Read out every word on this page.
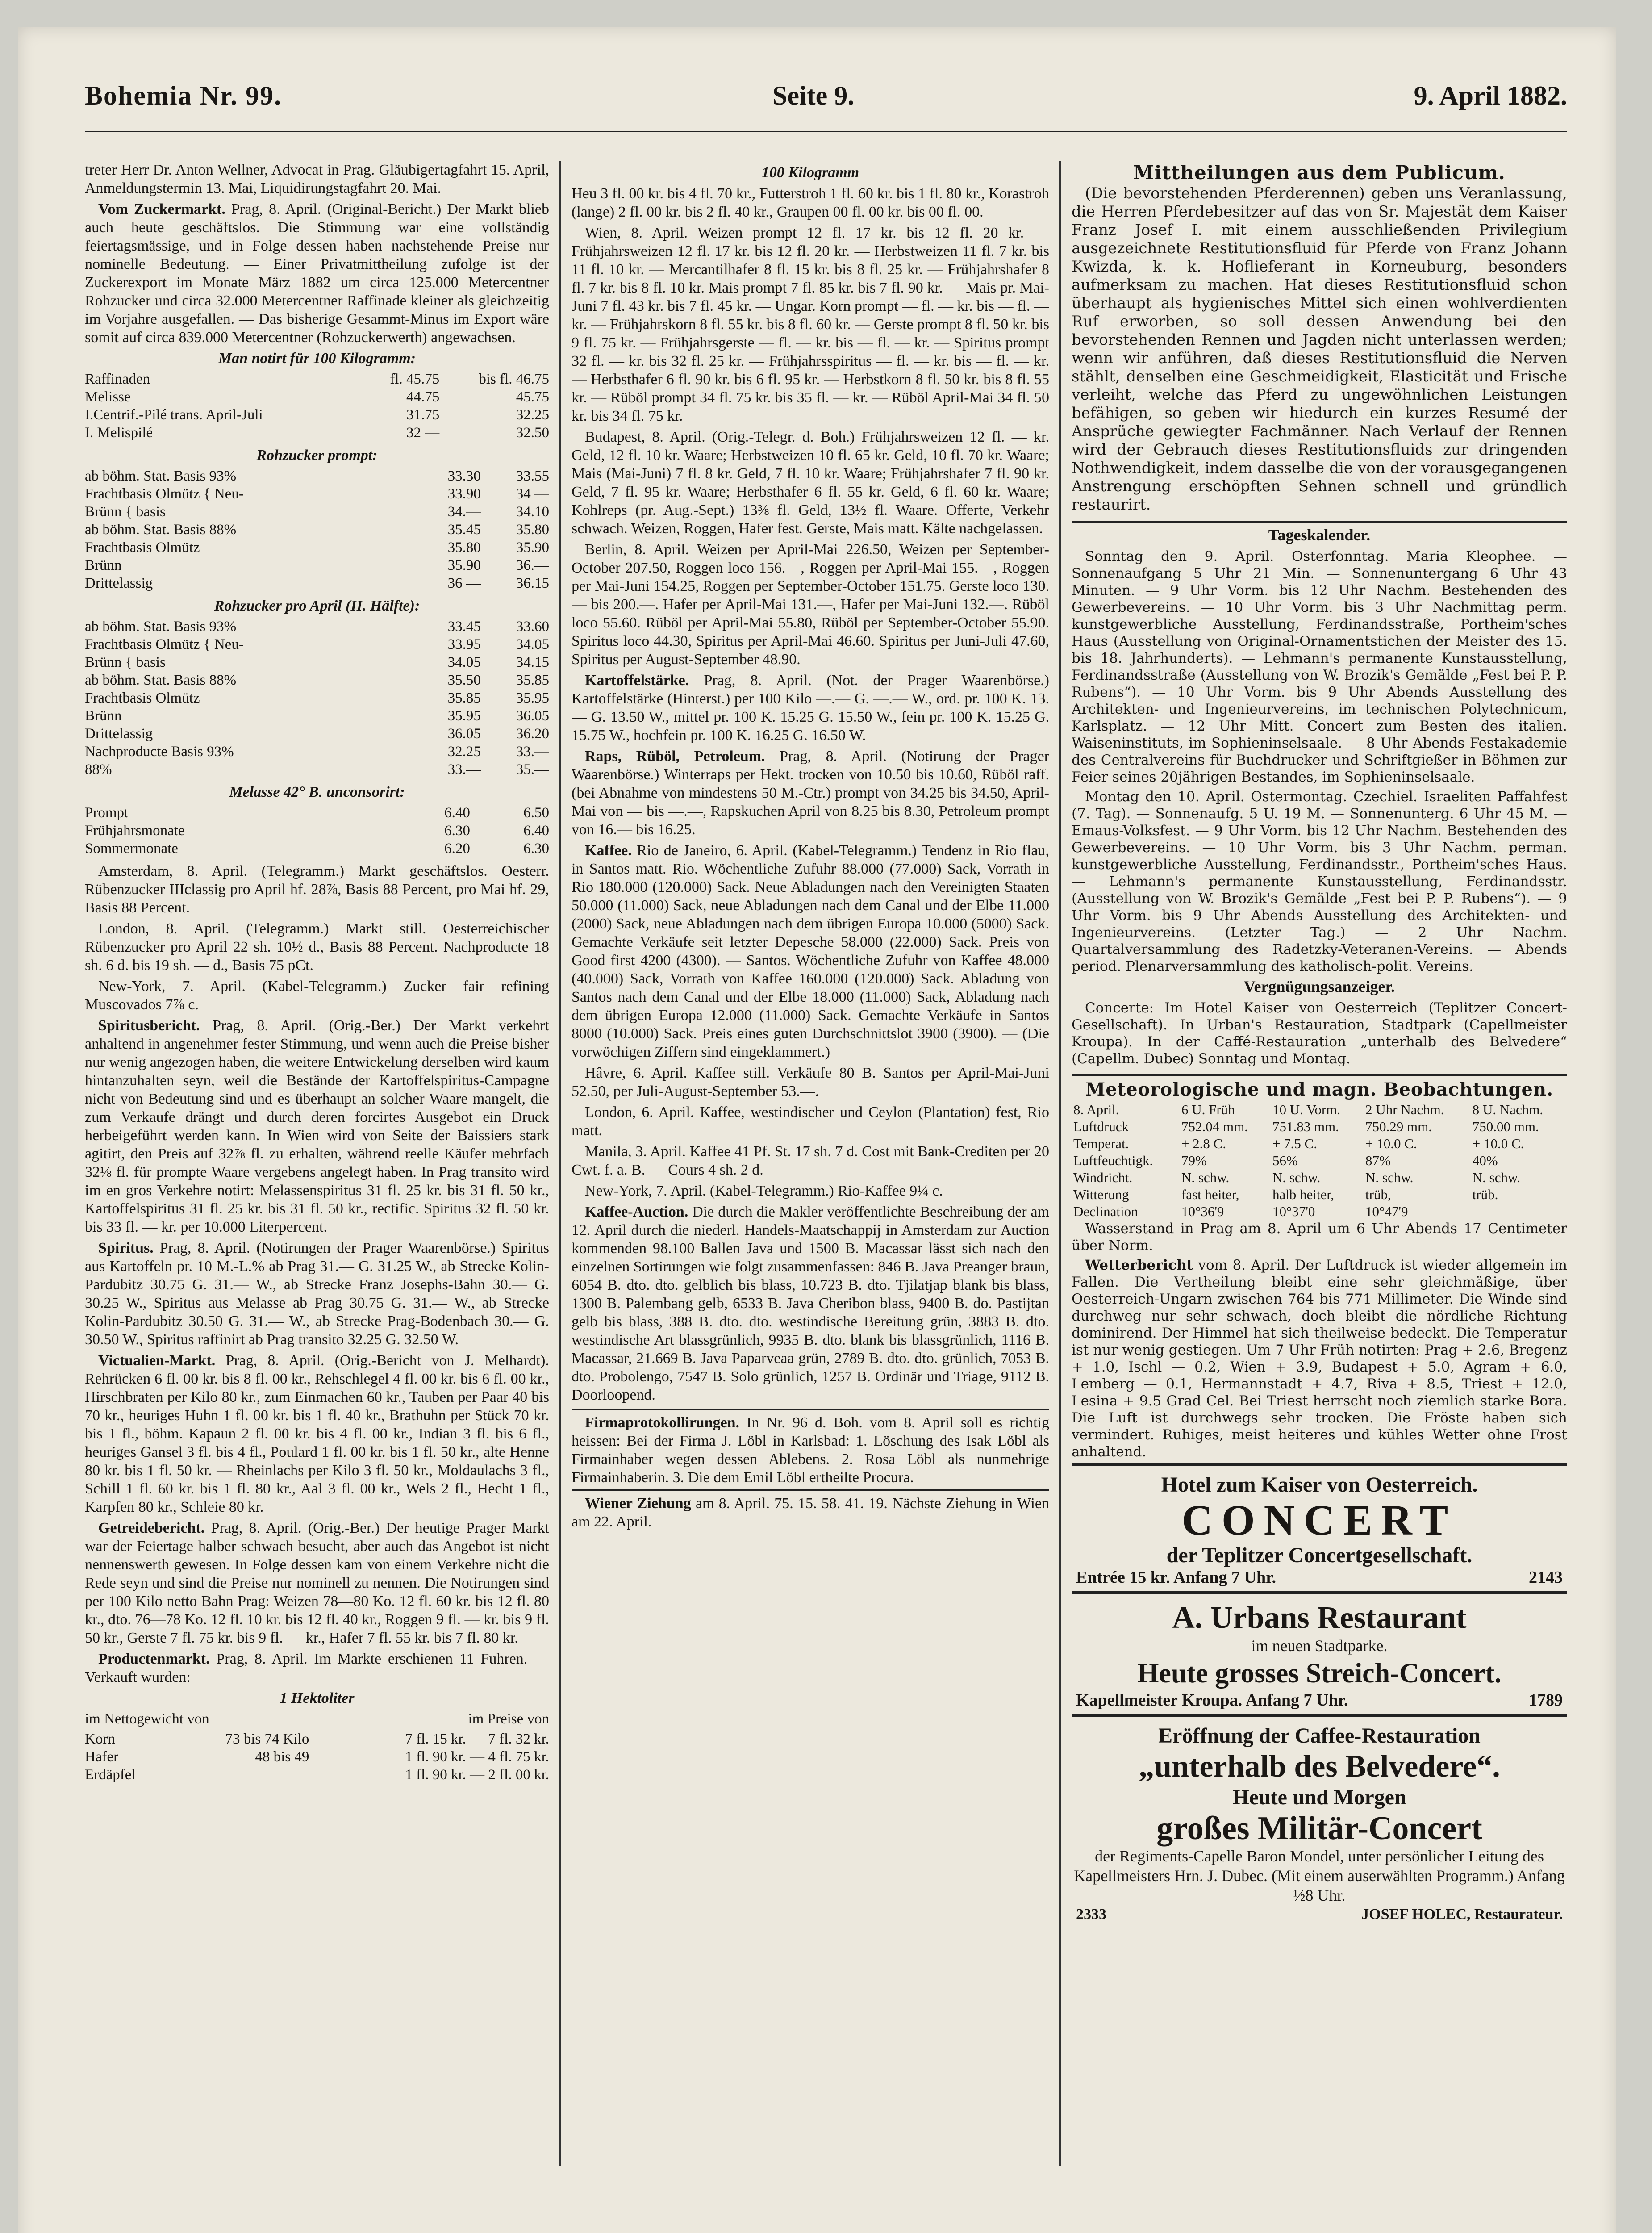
Bohemia Nr. 99.	Seite 9.	9. April 1882.

treter Herr Dr. Anton Wellner, Advocat in Prag. Gläubigertagfahrt 15. April, Anmeldungstermin 13. Mai, Liquidirungstagfahrt 20. Mai.

Vom Zuckermarkt. Prag, 8. April. (Original-Bericht.) Der Markt blieb auch heute geschäftslos. Die Stimmung war eine vollständig feiertagsmässige, und in Folge dessen haben nachstehende Preise nur nominelle Bedeutung. — Einer Privatmittheilung zufolge ist der Zuckerexport im Monate März 1882 um circa 125.000 Metercentner Rohzucker und circa 32.000 Metercentner Raffinade kleiner als gleichzeitig im Vorjahre ausgefallen. — Das bisherige Gesammt-Minus im Export wäre somit auf circa 839.000 Metercentner (Rohzuckerwerth) angewachsen.

Man notirt für 100 Kilogramm:
Raffinaden	fl. 45.75	bis fl. 46.75
Melisse	44.75	45.75
I.Centrif.-Pilé trans. April-Juli	31.75	32.25
I. Melispilé	32 —	32.50
Rohzucker prompt:
ab böhm. Stat. Basis 93%	33.30	33.55
Frachtbasis Olmütz { Neu-	33.90	34 —
Brünn { basis	34.—	34.10
ab böhm. Stat. Basis 88%	35.45	35.80
Frachtbasis Olmütz	35.80	35.90
Brünn	35.90	36.—
Drittelassig	36 —	36.15
Rohzucker pro April (II. Hälfte):
ab böhm. Stat. Basis 93%	33.45	33.60
Frachtbasis Olmütz { Neu-	33.95	34.05
Brünn { basis	34.05	34.15
ab böhm. Stat. Basis 88%	35.50	35.85
Frachtbasis Olmütz	35.85	35.95
Brünn	35.95	36.05
Drittelassig	36.05	36.20
Nachproducte Basis 93%	32.25	33.—
88%	33.—	35.—
Melasse 42° B. unconsorirt:
Prompt	6.40	6.50
Frühjahrsmonate	6.30	6.40
Sommermonate	6.20	6.30

Amsterdam, 8. April. (Telegramm.) Markt geschäftslos. Oesterr. Rübenzucker IIIclassig pro April hf. 28⅞, Basis 88 Percent, pro Mai hf. 29, Basis 88 Percent.

London, 8. April. (Telegramm.) Markt still. Oesterreichischer Rübenzucker pro April 22 sh. 10½ d., Basis 88 Percent. Nachproducte 18 sh. 6 d. bis 19 sh. — d., Basis 75 pCt.

New-York, 7. April. (Kabel-Telegramm.) Zucker fair refining Muscovados 7⅞ c.

Spiritusbericht. Prag, 8. April. (Orig.-Ber.) Der Markt verkehrt anhaltend in angenehmer fester Stimmung, und wenn auch die Preise bisher nur wenig angezogen haben, die weitere Entwickelung derselben wird kaum hintanzuhalten seyn, weil die Bestände der Kartoffelspiritus-Campagne nicht von Bedeutung sind und es überhaupt an solcher Waare mangelt, die zum Verkaufe drängt und durch deren forcirtes Ausgebot ein Druck herbeigeführt werden kann. In Wien wird von Seite der Baissiers stark agitirt, den Preis auf 32⅞ fl. zu erhalten, während reelle Käufer mehrfach 32⅛ fl. für prompte Waare vergebens angelegt haben. In Prag transito wird im en gros Verkehre notirt: Melassenspiritus 31 fl. 25 kr. bis 31 fl. 50 kr., Kartoffelspiritus 31 fl. 25 kr. bis 31 fl. 50 kr., rectific. Spiritus 32 fl. 50 kr. bis 33 fl. — kr. per 10.000 Literpercent.

Spiritus. Prag, 8. April. (Notirungen der Prager Waarenbörse.) Spiritus aus Kartoffeln pr. 10 M.-L.% ab Prag 31.— G. 31.25 W., ab Strecke Kolin-Pardubitz 30.75 G. 31.— W., ab Strecke Franz Josephs-Bahn 30.— G. 30.25 W., Spiritus aus Melasse ab Prag 30.75 G. 31.— W., ab Strecke Kolin-Pardubitz 30.50 G. 31.— W., ab Strecke Prag-Bodenbach 30.— G. 30.50 W., Spiritus raffinirt ab Prag transito 32.25 G. 32.50 W.

Victualien-Markt. Prag, 8. April. (Orig.-Bericht von J. Melhardt). Rehrücken 6 fl. 00 kr. bis 8 fl. 00 kr., Rehschlegel 4 fl. 00 kr. bis 6 fl. 00 kr., Hirschbraten per Kilo 80 kr., zum Einmachen 60 kr., Tauben per Paar 40 bis 70 kr., heuriges Huhn 1 fl. 00 kr. bis 1 fl. 40 kr., Brathuhn per Stück 70 kr. bis 1 fl., böhm. Kapaun 2 fl. 00 kr. bis 4 fl. 00 kr., Indian 3 fl. bis 6 fl., heuriges Gansel 3 fl. bis 4 fl., Poulard 1 fl. 00 kr. bis 1 fl. 50 kr., alte Henne 80 kr. bis 1 fl. 50 kr. — Rheinlachs per Kilo 3 fl. 50 kr., Moldaulachs 3 fl., Schill 1 fl. 60 kr. bis 1 fl. 80 kr., Aal 3 fl. 00 kr., Wels 2 fl., Hecht 1 fl., Karpfen 80 kr., Schleie 80 kr.

Getreidebericht. Prag, 8. April. (Orig.-Ber.) Der heutige Prager Markt war der Feiertage halber schwach besucht, aber auch das Angebot ist nicht nennenswerth gewesen. In Folge dessen kam von einem Verkehre nicht die Rede seyn und sind die Preise nur nominell zu nennen. Die Notirungen sind per 100 Kilo netto Bahn Prag: Weizen 78—80 Ko. 12 fl. 60 kr. bis 12 fl. 80 kr., dto. 76—78 Ko. 12 fl. 10 kr. bis 12 fl. 40 kr., Roggen 9 fl. — kr. bis 9 fl. 50 kr., Gerste 7 fl. 75 kr. bis 9 fl. — kr., Hafer 7 fl. 55 kr. bis 7 fl. 80 kr.

Productenmarkt. Prag, 8. April. Im Markte erschienen 11 Fuhren. — Verkauft wurden:

1 Hektoliter
im Nettogewicht von	im Preise von
Korn	73 bis 74 Kilo	7 fl. 15 kr. — 7 fl. 32 kr.
Hafer	48 bis 49	1 fl. 90 kr. — 4 fl. 75 kr.
Erdäpfel		1 fl. 90 kr. — 2 fl. 00 kr.
100 Kilogramm

Heu 3 fl. 00 kr. bis 4 fl. 70 kr., Futterstroh 1 fl. 60 kr. bis 1 fl. 80 kr., Korastroh (lange) 2 fl. 00 kr. bis 2 fl. 40 kr., Graupen 00 fl. 00 kr. bis 00 fl. 00.

Wien, 8. April. Weizen prompt 12 fl. 17 kr. bis 12 fl. 20 kr. — Frühjahrsweizen 12 fl. 17 kr. bis 12 fl. 20 kr. — Herbstweizen 11 fl. 7 kr. bis 11 fl. 10 kr. — Mercantilhafer 8 fl. 15 kr. bis 8 fl. 25 kr. — Frühjahrshafer 8 fl. 7 kr. bis 8 fl. 10 kr. Mais prompt 7 fl. 85 kr. bis 7 fl. 90 kr. — Mais pr. Mai-Juni 7 fl. 43 kr. bis 7 fl. 45 kr. — Ungar. Korn prompt — fl. — kr. bis — fl. — kr. — Frühjahrskorn 8 fl. 55 kr. bis 8 fl. 60 kr. — Gerste prompt 8 fl. 50 kr. bis 9 fl. 75 kr. — Frühjahrsgerste — fl. — kr. bis — fl. — kr. — Spiritus prompt 32 fl. — kr. bis 32 fl. 25 kr. — Frühjahrsspiritus — fl. — kr. bis — fl. — kr. — Herbsthafer 6 fl. 90 kr. bis 6 fl. 95 kr. — Herbstkorn 8 fl. 50 kr. bis 8 fl. 55 kr. — Rüböl prompt 34 fl. 75 kr. bis 35 fl. — kr. — Rüböl April-Mai 34 fl. 50 kr. bis 34 fl. 75 kr.

Budapest, 8. April. (Orig.-Telegr. d. Boh.) Frühjahrsweizen 12 fl. — kr. Geld, 12 fl. 10 kr. Waare; Herbstweizen 10 fl. 65 kr. Geld, 10 fl. 70 kr. Waare; Mais (Mai-Juni) 7 fl. 8 kr. Geld, 7 fl. 10 kr. Waare; Frühjahrshafer 7 fl. 90 kr. Geld, 7 fl. 95 kr. Waare; Herbsthafer 6 fl. 55 kr. Geld, 6 fl. 60 kr. Waare; Kohlreps (pr. Aug.-Sept.) 13⅜ fl. Geld, 13½ fl. Waare. Offerte, Verkehr schwach. Weizen, Roggen, Hafer fest. Gerste, Mais matt. Kälte nachgelassen.

Berlin, 8. April. Weizen per April-Mai 226.50, Weizen per September-October 207.50, Roggen loco 156.—, Roggen per April-Mai 155.—, Roggen per Mai-Juni 154.25, Roggen per September-October 151.75. Gerste loco 130.— bis 200.—. Hafer per April-Mai 131.—, Hafer per Mai-Juni 132.—. Rüböl loco 55.60. Rüböl per April-Mai 55.80, Rüböl per September-October 55.90. Spiritus loco 44.30, Spiritus per April-Mai 46.60. Spiritus per Juni-Juli 47.60, Spiritus per August-September 48.90.

Kartoffelstärke. Prag, 8. April. (Not. der Prager Waarenbörse.) Kartoffelstärke (Hinterst.) per 100 Kilo —.— G. —.— W., ord. pr. 100 K. 13.— G. 13.50 W., mittel pr. 100 K. 15.25 G. 15.50 W., fein pr. 100 K. 15.25 G. 15.75 W., hochfein pr. 100 K. 16.25 G. 16.50 W.

Raps, Rüböl, Petroleum. Prag, 8. April. (Notirung der Prager Waarenbörse.) Winterraps per Hekt. trocken von 10.50 bis 10.60, Rüböl raff. (bei Abnahme von mindestens 50 M.-Ctr.) prompt von 34.25 bis 34.50, April-Mai von — bis —.—, Rapskuchen April von 8.25 bis 8.30, Petroleum prompt von 16.— bis 16.25.

Kaffee. Rio de Janeiro, 6. April. (Kabel-Telegramm.) Tendenz in Rio flau, in Santos matt. Rio. Wöchentliche Zufuhr 88.000 (77.000) Sack, Vorrath in Rio 180.000 (120.000) Sack. Neue Abladungen nach den Vereinigten Staaten 50.000 (11.000) Sack, neue Abladungen nach dem Canal und der Elbe 11.000 (2000) Sack, neue Abladungen nach dem übrigen Europa 10.000 (5000) Sack. Gemachte Verkäufe seit letzter Depesche 58.000 (22.000) Sack. Preis von Good first 4200 (4300). — Santos. Wöchentliche Zufuhr von Kaffee 48.000 (40.000) Sack, Vorrath von Kaffee 160.000 (120.000) Sack. Abladung von Santos nach dem Canal und der Elbe 18.000 (11.000) Sack, Abladung nach dem übrigen Europa 12.000 (11.000) Sack. Gemachte Verkäufe in Santos 8000 (10.000) Sack. Preis eines guten Durchschnittslot 3900 (3900). — (Die vorwöchigen Ziffern sind eingeklammert.)

Hâvre, 6. April. Kaffee still. Verkäufe 80 B. Santos per April-Mai-Juni 52.50, per Juli-August-September 53.—.

London, 6. April. Kaffee, westindischer und Ceylon (Plantation) fest, Rio matt.

Manila, 3. April. Kaffee 41 Pf. St. 17 sh. 7 d. Cost mit Bank-Crediten per 20 Cwt. f. a. B. — Cours 4 sh. 2 d.

New-York, 7. April. (Kabel-Telegramm.) Rio-Kaffee 9¼ c.

Kaffee-Auction. Die durch die Makler veröffentlichte Beschreibung der am 12. April durch die niederl. Handels-Maatschappij in Amsterdam zur Auction kommenden 98.100 Ballen Java und 1500 B. Macassar lässt sich nach den einzelnen Sortirungen wie folgt zusammenfassen: 846 B. Java Preanger braun, 6054 B. dto. dto. gelblich bis blass, 10.723 B. dto. Tjilatjap blank bis blass, 1300 B. Palembang gelb, 6533 B. Java Cheribon blass, 9400 B. do. Pastijtan gelb bis blass, 388 B. dto. dto. westindische Bereitung grün, 3883 B. dto. westindische Art blassgrünlich, 9935 B. dto. blank bis blassgrünlich, 1116 B. Macassar, 21.669 B. Java Paparveaa grün, 2789 B. dto. dto. grünlich, 7053 B. dto. Probolengo, 7547 B. Solo grünlich, 1257 B. Ordinär und Triage, 9112 B. Doorloopend.

Firmaprotokollirungen. In Nr. 96 d. Boh. vom 8. April soll es richtig heissen: Bei der Firma J. Löbl in Karlsbad: 1. Löschung des Isak Löbl als Firmainhaber wegen dessen Ablebens. 2. Rosa Löbl als nunmehrige Firmainhaberin. 3. Die dem Emil Löbl ertheilte Procura.

Wiener Ziehung am 8. April. 75. 15. 58. 41. 19. Nächste Ziehung in Wien am 22. April.

Mittheilungen aus dem Publicum.

(Die bevorstehenden Pferderennen) geben uns Veranlassung, die Herren Pferdebesitzer auf das von Sr. Majestät dem Kaiser Franz Josef I. mit einem ausschließenden Privilegium ausgezeichnete Restitutionsfluid für Pferde von Franz Johann Kwizda, k. k. Hoflieferant in Korneuburg, besonders aufmerksam zu machen. Hat dieses Restitutionsfluid schon überhaupt als hygienisches Mittel sich einen wohlverdienten Ruf erworben, so soll dessen Anwendung bei den bevorstehenden Rennen und Jagden nicht unterlassen werden; wenn wir anführen, daß dieses Restitutionsfluid die Nerven stählt, denselben eine Geschmeidigkeit, Elasticität und Frische verleiht, welche das Pferd zu ungewöhnlichen Leistungen befähigen, so geben wir hiedurch ein kurzes Resumé der Ansprüche gewiegter Fachmänner. Nach Verlauf der Rennen wird der Gebrauch dieses Restitutionsfluids zur dringenden Nothwendigkeit, indem dasselbe die von der vorausgegangenen Anstrengung erschöpften Sehnen schnell und gründlich restaurirt.

Tageskalender.

Sonntag den 9. April. Osterfonntag. Maria Kleophee. — Sonnenaufgang 5 Uhr 21 Min. — Sonnenuntergang 6 Uhr 43 Minuten. — 9 Uhr Vorm. bis 12 Uhr Nachm. Bestehenden des Gewerbevereins. — 10 Uhr Vorm. bis 3 Uhr Nachmittag perm. kunstgewerbliche Ausstellung, Ferdinandsstraße, Portheim'sches Haus (Ausstellung von Original-Ornamentstichen der Meister des 15. bis 18. Jahrhunderts). — Lehmann's permanente Kunstausstellung, Ferdinandsstraße (Ausstellung von W. Brozik's Gemälde „Fest bei P. P. Rubens“). — 10 Uhr Vorm. bis 9 Uhr Abends Ausstellung des Architekten- und Ingenieurvereins, im technischen Polytechnicum, Karlsplatz. — 12 Uhr Mitt. Concert zum Besten des italien. Waiseninstituts, im Sophieninselsaale. — 8 Uhr Abends Festakademie des Centralvereins für Buchdrucker und Schriftgießer in Böhmen zur Feier seines 20jährigen Bestandes, im Sophieninselsaale.

Montag den 10. April. Ostermontag. Czechiel. Israeliten Paffahfest (7. Tag). — Sonnenaufg. 5 U. 19 M. — Sonnenunterg. 6 Uhr 45 M. — Emaus-Volksfest. — 9 Uhr Vorm. bis 12 Uhr Nachm. Bestehenden des Gewerbevereins. — 10 Uhr Vorm. bis 3 Uhr Nachm. perman. kunstgewerbliche Ausstellung, Ferdinandsstr., Portheim'sches Haus. — Lehmann's permanente Kunstausstellung, Ferdinandsstr. (Ausstellung von W. Brozik's Gemälde „Fest bei P. P. Rubens“). — 9 Uhr Vorm. bis 9 Uhr Abends Ausstellung des Architekten- und Ingenieurvereins. (Letzter Tag.) — 2 Uhr Nachm. Quartalversammlung des Radetzky-Veteranen-Vereins. — Abends period. Plenarversammlung des katholisch-polit. Vereins.

Vergnügungsanzeiger.

Concerte: Im Hotel Kaiser von Oesterreich (Teplitzer Concert-Gesellschaft). In Urban's Restauration, Stadtpark (Capellmeister Kroupa). In der Caffé-Restauration „unterhalb des Belvedere“ (Capellm. Dubec) Sonntag und Montag.

Meteorologische und magn. Beobachtungen.
8. April.	6 U. Früh	10 U. Vorm.	2 Uhr Nachm.	8 U. Nachm.
Luftdruck	752.04 mm.	751.83 mm.	750.29 mm.	750.00 mm.
Temperat.	+ 2.8 C.	+ 7.5 C.	+ 10.0 C.	+ 10.0 C.
Luftfeuchtigk.	79%	56%	87%	40%
Windricht.	N. schw.	N. schw.	N. schw.	N. schw.
Witterung	fast heiter,	halb heiter,	trüb,	trüb.
Declination	10°36'9	10°37'0	10°47'9	—

Wasserstand in Prag am 8. April um 6 Uhr Abends 17 Centimeter über Norm.

Wetterbericht vom 8. April. Der Luftdruck ist wieder allgemein im Fallen. Die Vertheilung bleibt eine sehr gleichmäßige, über Oesterreich-Ungarn zwischen 764 bis 771 Millimeter. Die Winde sind durchweg nur sehr schwach, doch bleibt die nördliche Richtung dominirend. Der Himmel hat sich theilweise bedeckt. Die Temperatur ist nur wenig gestiegen. Um 7 Uhr Früh notirten: Prag + 2.6, Bregenz + 1.0, Ischl — 0.2, Wien + 3.9, Budapest + 5.0, Agram + 6.0, Lemberg — 0.1, Hermannstadt + 4.7, Riva + 8.5, Triest + 12.0, Lesina + 9.5 Grad Cel. Bei Triest herrscht noch ziemlich starke Bora. Die Luft ist durchwegs sehr trocken. Die Fröste haben sich vermindert. Ruhiges, meist heiteres und kühles Wetter ohne Frost anhaltend.

Hotel zum Kaiser von Oesterreich.
CONCERT
der Teplitzer Concertgesellschaft.
Entrée 15 kr. Anfang 7 Uhr.	2143
A. Urbans Restaurant
im neuen Stadtparke.
Heute grosses Streich-Concert.
Kapellmeister Kroupa. Anfang 7 Uhr.	1789
Eröffnung der Caffee-Restauration
„unterhalb des Belvedere“.
Heute und Morgen
großes Militär-Concert
der Regiments-Capelle Baron Mondel, unter persönlicher Leitung des Kapellmeisters Hrn. J. Dubec. (Mit einem auserwählten Programm.) Anfang ½8 Uhr.
2333	JOSEF HOLEC, Restaurateur.
